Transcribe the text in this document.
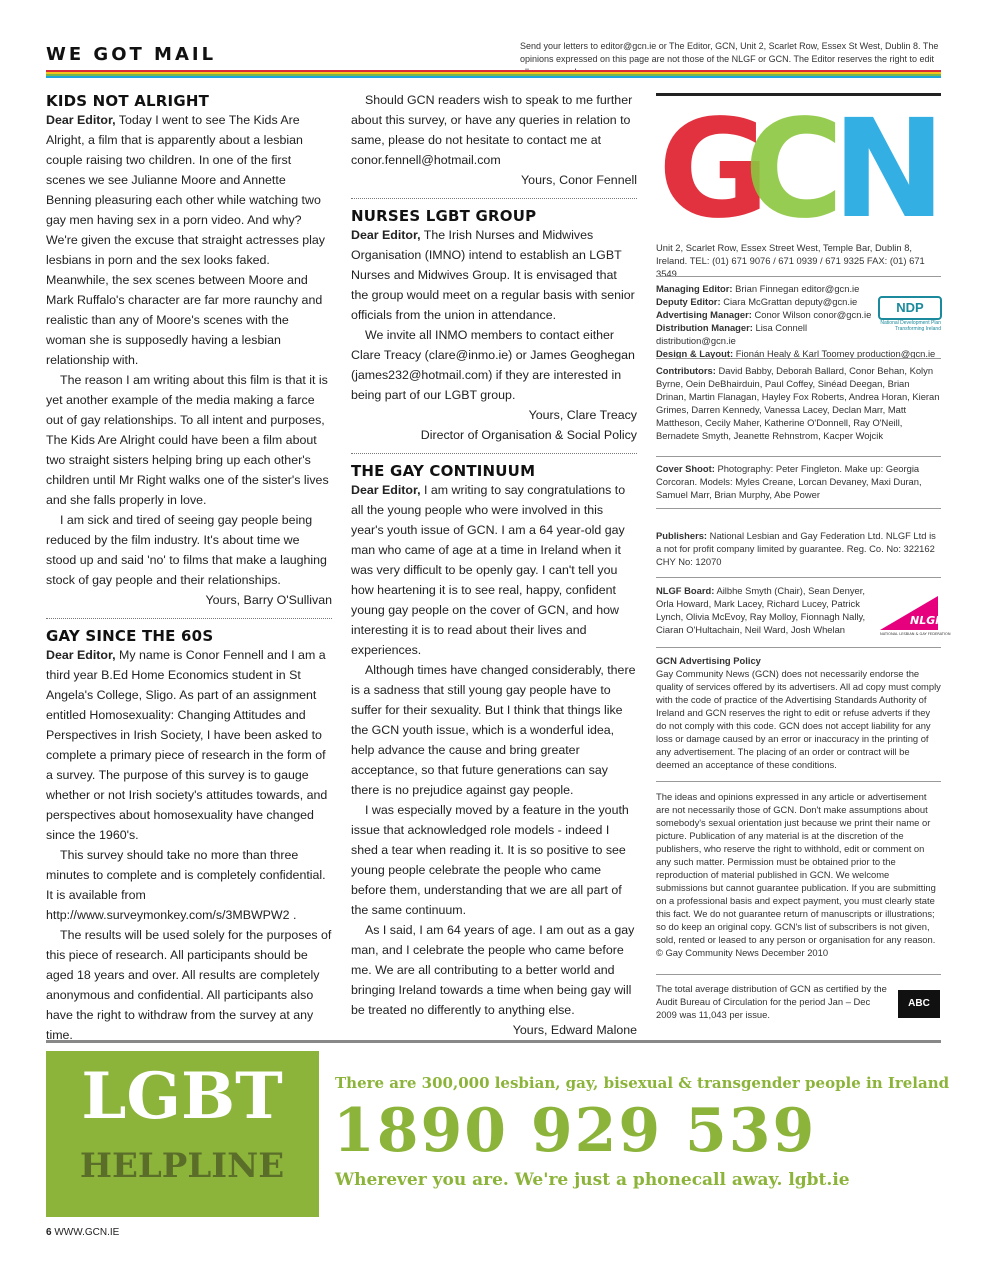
WE GOT MAIL	Send your letters to editor@gcn.ie or The Editor, GCN, Unit 2, Scarlet Row, Essex St West, Dublin 8. The opinions expressed on this page are not those of the NLGF or GCN. The Editor reserves the right to edit
KIDS NOT ALRIGHT

Dear Editor, Today I went to see The Kids Are Alright, a film that is apparently about a lesbian couple raising two children. In one of the first scenes we see Julianne Moore and Annette Benning pleasuring each other while watching two gay men having sex in a porn video. And why? We're given the excuse that straight actresses play lesbians in porn and the sex looks faked. Meanwhile, the sex scenes between Moore and Mark Ruffalo's character are far more raunchy and realistic than any of Moore's scenes with the woman she is supposedly having a lesbian relationship with.

The reason I am writing about this film is that it is yet another example of the media making a farce out of gay relationships. To all intent and purposes, The Kids Are Alright could have been a film about two straight sisters helping bring up each other's children until Mr Right walks one of the sister's lives and she falls properly in love.

I am sick and tired of seeing gay people being reduced by the film industry. It's about time we stood up and said 'no' to films that make a laughing stock of gay people and their relationships.

Yours, Barry O'Sullivan

GAY SINCE THE 60S

Dear Editor, My name is Conor Fennell and I am a third year B.Ed Home Economics student in St Angela's College, Sligo. As part of an assignment entitled Homosexuality: Changing Attitudes and Perspectives in Irish Society, I have been asked to complete a primary piece of research in the form of a survey. The purpose of this survey is to gauge whether or not Irish society's attitudes towards, and perspectives about homosexuality have changed since the 1960's.

This survey should take no more than three minutes to complete and is completely confidential. It is available from http://www.surveymonkey.com/s/3MBWPW2 .

The results will be used solely for the purposes of this piece of research. All participants should be aged 18 years and over. All results are completely anonymous and confidential. All participants also have the right to withdraw from the survey at any time.

Should GCN readers wish to speak to me further about this survey, or have any queries in relation to same, please do not hesitate to contact me at conor.fennell@hotmail.com

Yours, Conor Fennell

NURSES LGBT GROUP

Dear Editor, The Irish Nurses and Midwives Organisation (IMNO) intend to establish an LGBT Nurses and Midwives Group. It is envisaged that the group would meet on a regular basis with senior officials from the union in attendance.

We invite all INMO members to contact either Clare Treacy (clare@inmo.ie) or James Geoghegan (james232@hotmail.com) if they are interested in being part of our LGBT group.

Yours, Clare Treacy

Director of Organisation & Social Policy

THE GAY CONTINUUM

Dear Editor, I am writing to say congratulations to all the young people who were involved in this year's youth issue of GCN. I am a 64 year-old gay man who came of age at a time in Ireland when it was very difficult to be openly gay. I can't tell you how heartening it is to see real, happy, confident young gay people on the cover of GCN, and how interesting it is to read about their lives and experiences.

Although times have changed considerably, there is a sadness that still young gay people have to suffer for their sexuality. But I think that things like the GCN youth issue, which is a wonderful idea, help advance the cause and bring greater acceptance, so that future generations can say there is no prejudice against gay people.

I was especially moved by a feature in the youth issue that acknowledged role models - indeed I shed a tear when reading it. It is so positive to see young people celebrate the people who came before them, understanding that we are all part of the same continuum.

As I said, I am 64 years of age. I am out as a gay man, and I celebrate the people who came before me. We are all contributing to a better world and bringing Ireland towards a time when being gay will be treated no differently to anything else.

Yours, Edward Malone

G
C
N
Unit 2, Scarlet Row, Essex Street West, Temple Bar, Dublin 8, Ireland. TEL: (01) 671 9076 / 671 0939 / 671 9325 FAX: (01) 671 3549

Managing Editor: Brian Finnegan editor@gcn.ie

Deputy Editor: Ciara McGrattan deputy@gcn.ie

Advertising Manager: Conor Wilson conor@gcn.ie

Distribution Manager: Lisa Connell distribution@gcn.ie

Design & Layout: Fionán Healy & Karl Toomey production@gcn.ie

NDP
National Development Plan
Transforming Ireland
Contributors: David Babby, Deborah Ballard, Conor Behan, Kolyn Byrne, Oein DeBhairduin, Paul Coffey, Sinéad Deegan, Brian Drinan, Martin Flanagan, Hayley Fox Roberts, Andrea Horan, Kieran Grimes, Darren Kennedy, Vanessa Lacey, Declan Marr, Matt Mattheson, Cecily Maher, Katherine O'Donnell, Ray O'Neill, Bernadete Smyth, Jeanette Rehnstrom, Kacper Wojcik
Cover Shoot: Photography: Peter Fingleton. Make up: Georgia Corcoran. Models: Myles Creane, Lorcan Devaney, Maxi Duran, Samuel Marr, Brian Murphy, Abe Power
Publishers: National Lesbian and Gay Federation Ltd. NLGF Ltd is a not for profit company limited by guarantee. Reg. Co. No: 322162 CHY No: 12070
NLGF Board: Ailbhe Smyth (Chair), Sean Denyer, Orla Howard, Mark Lacey, Richard Lucey, Patrick Lynch, Olivia McEvoy, Ray Molloy, Fionnagh Nally, Ciaran O'Hultachain, Neil Ward, Josh Whelan
NLGF
NATIONAL LESBIAN & GAY FEDERATION

GCN Advertising Policy

Gay Community News (GCN) does not necessarily endorse the quality of services offered by its advertisers. All ad copy must comply with the code of practice of the Advertising Standards Authority of Ireland and GCN reserves the right to edit or refuse adverts if they do not comply with this code. GCN does not accept liability for any loss or damage caused by an error or inaccuracy in the printing of any advertisement. The placing of an order or contract will be deemed an acceptance of these conditions.

The ideas and opinions expressed in any article or advertisement are not necessarily those of GCN. Don't make assumptions about somebody's sexual orientation just because we print their name or picture. Publication of any material is at the discretion of the publishers, who reserve the right to withhold, edit or comment on any such matter. Permission must be obtained prior to the reproduction of material published in GCN. We welcome submissions but cannot guarantee publication. If you are submitting on a professional basis and expect payment, you must clearly state this fact. We do not guarantee return of manuscripts or illustrations; so do keep an original copy. GCN's list of subscribers is not given, sold, rented or leased to any person or organisation for any reason. © Gay Community News December 2010
The total average distribution of GCN as certified by the Audit Bureau of Circulation for the period Jan – Dec 2009 was 11,043 per issue.
ABC
LGBT
HELPLINE
There are 300,000 lesbian, gay, bisexual & transgender people in Ireland
1890 929 539
Wherever you are. We're just a phonecall away. lgbt.ie
6 WWW.GCN.IE
